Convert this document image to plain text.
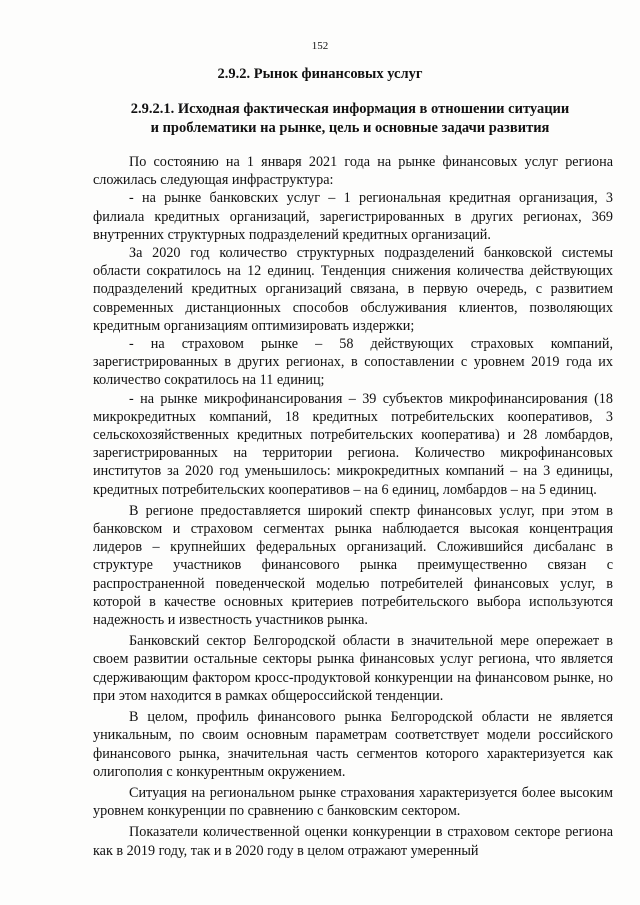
152
2.9.2. Рынок финансовых услуг
2.9.2.1. Исходная фактическая информация в отношении ситуации
и проблематики на рынке, цель и основные задачи развития

По состоянию на 1 января 2021 года на рынке финансовых услуг региона сложилась следующая инфраструктура:

- на рынке банковских услуг – 1 региональная кредитная организация, 3 филиала кредитных организаций, зарегистрированных в других регионах, 369 внутренних структурных подразделений кредитных организаций.

За 2020 год количество структурных подразделений банковской системы области сократилось на 12 единиц. Тенденция снижения количества действующих подразделений кредитных организаций связана, в первую очередь, с развитием современных дистанционных способов обслуживания клиентов, позволяющих кредитным организациям оптимизировать издержки;

- на страховом рынке – 58 действующих страховых компаний, зарегистрированных в других регионах, в сопоставлении с уровнем 2019 года их количество сократилось на 11 единиц;

- на рынке микрофинансирования – 39 субъектов микрофинансирования (18 микрокредитных компаний, 18 кредитных потребительских кооперативов, 3 сельскохозяйственных кредитных потребительских кооператива) и 28 ломбардов, зарегистрированных на территории региона. Количество микрофинансовых институтов за 2020 год уменьшилось: микрокредитных компаний – на 3 единицы, кредитных потребительских кооперативов – на 6 единиц, ломбардов – на 5 единиц.

В регионе предоставляется широкий спектр финансовых услуг, при этом в банковском и страховом сегментах рынка наблюдается высокая концентрация лидеров – крупнейших федеральных организаций. Сложившийся дисбаланс в структуре участников финансового рынка преимущественно связан с распространенной поведенческой моделью потребителей финансовых услуг, в которой в качестве основных критериев потребительского выбора используются надежность и известность участников рынка.

Банковский сектор Белгородской области в значительной мере опережает в своем развитии остальные секторы рынка финансовых услуг региона, что является сдерживающим фактором кросс-продуктовой конкуренции на финансовом рынке, но при этом находится в рамках общероссийской тенденции.

В целом, профиль финансового рынка Белгородской области не является уникальным, по своим основным параметрам соответствует модели российского финансового рынка, значительная часть сегментов которого характеризуется как олигополия с конкурентным окружением.

Ситуация на региональном рынке страхования характеризуется более высоким уровнем конкуренции по сравнению с банковским сектором.

Показатели количественной оценки конкуренции в страховом секторе региона как в 2019 году, так и в 2020 году в целом отражают умеренный
